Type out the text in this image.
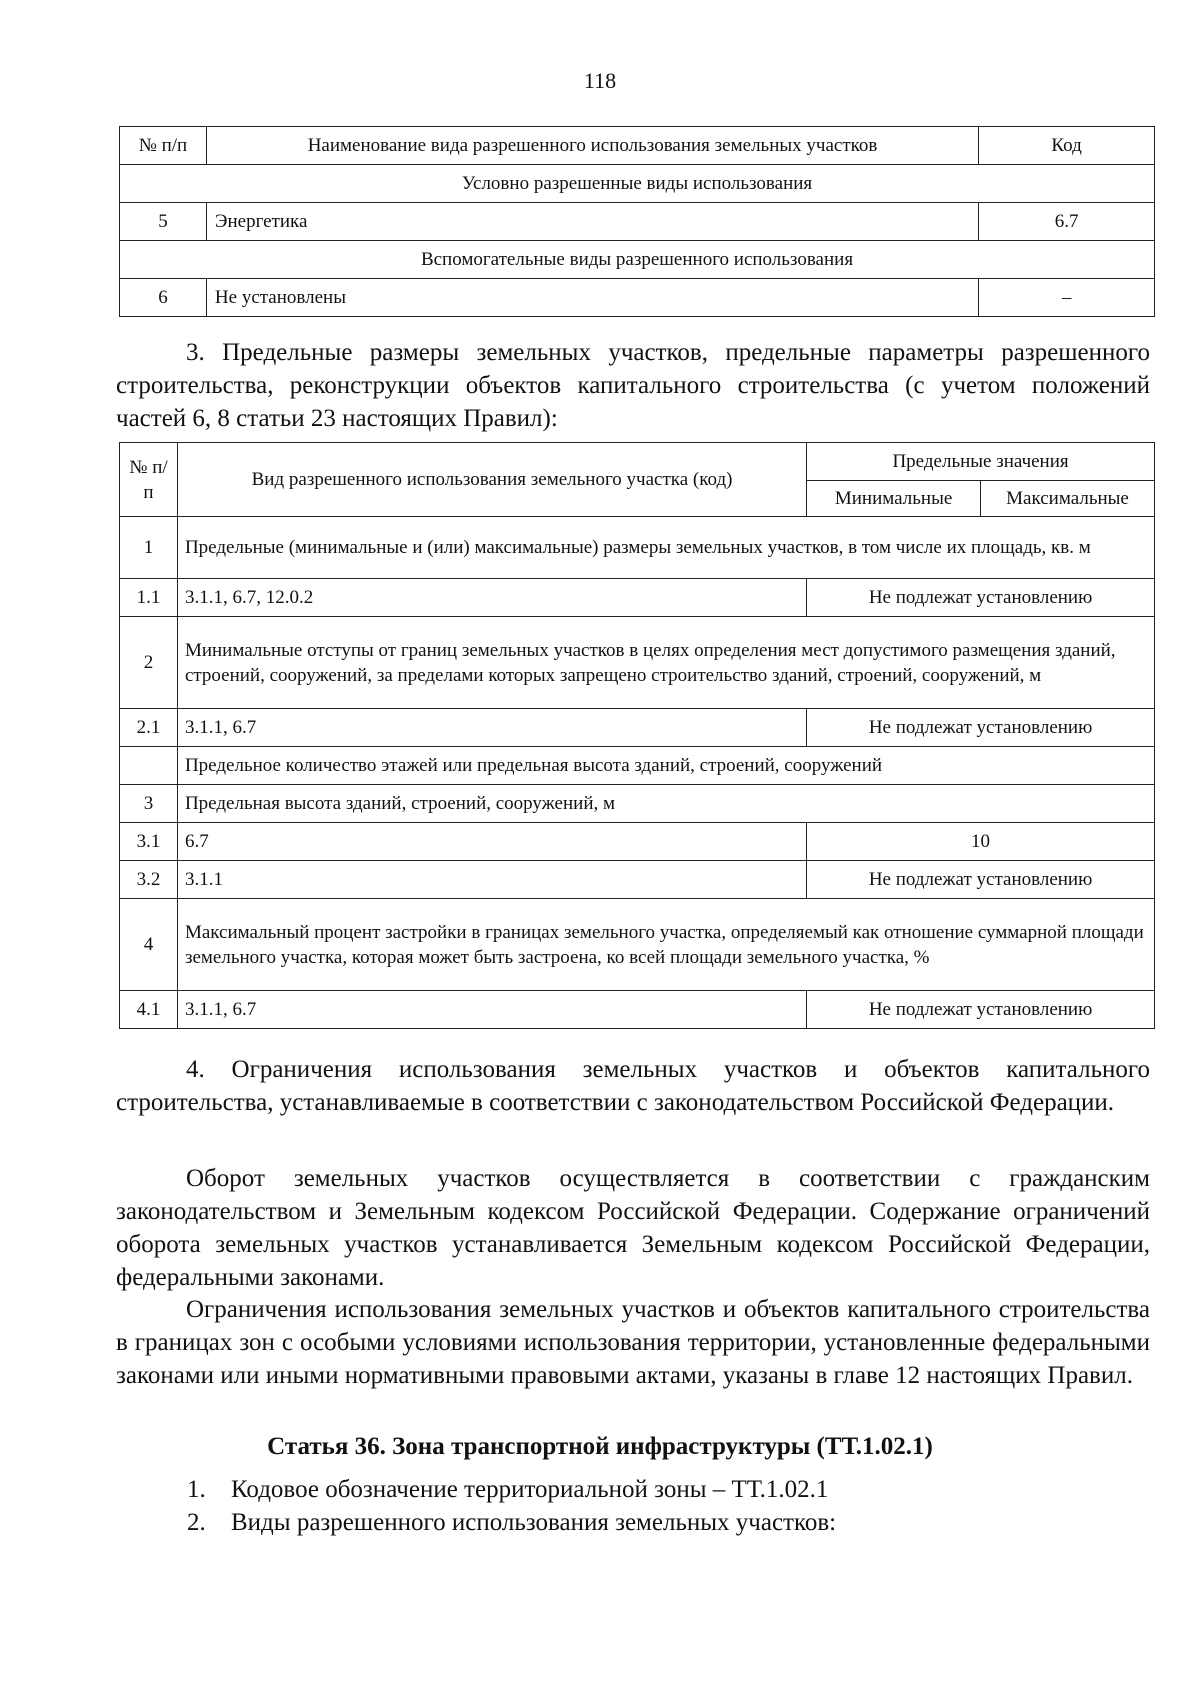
118
№ п/п	Наименование вида разрешенного использования земельных участков	Код
Условно разрешенные виды использования		
5	Энергетика	6.7
Вспомогательные виды разрешенного использования		
6	Не установлены	–

3. Предельные размеры земельных участков, предельные параметры разрешенного строительства, реконструкции объектов капитального строительства (с учетом положений частей 6, 8 статьи 23 настоящих Правил):

№ п/п	Вид разрешенного использования земельного участка (код)	Предельные значения	
		Минимальные	Максимальные
1	Предельные (минимальные и (или) максимальные) размеры земельных участков, в том числе их площадь, кв. м		
1.1	3.1.1, 6.7, 12.0.2	Не подлежат установлению	
2	Минимальные отступы от границ земельных участков в целях определения мест допустимого размещения зданий, строений, сооружений, за пределами которых запрещено строительство зданий, строений, сооружений, м		
2.1	3.1.1, 6.7	Не подлежат установлению	
	Предельное количество этажей или предельная высота зданий, строений, сооружений		
3	Предельная высота зданий, строений, сооружений, м		
3.1	6.7	10	
3.2	3.1.1	Не подлежат установлению	
4	Максимальный процент застройки в границах земельного участка, определяемый как отношение суммарной площади земельного участка, которая может быть застроена, ко всей площади земельного участка, %		
4.1	3.1.1, 6.7	Не подлежат установлению	

4. Ограничения использования земельных участков и объектов капитального строительства, устанавливаемые в соответствии с законодательством Российской Федерации.

Оборот земельных участков осуществляется в соответствии с гражданским законодательством и Земельным кодексом Российской Федерации. Содержание ограничений оборота земельных участков устанавливается Земельным кодексом Российской Федерации, федеральными законами.

Ограничения использования земельных участков и объектов капитального строительства в границах зон с особыми условиями использования территории, установленные федеральными законами или иными нормативными правовыми актами, указаны в главе 12 настоящих Правил.

Статья 36. Зона транспортной инфраструктуры (ТТ.1.02.1)
1. Кодовое обозначение территориальной зоны – ТТ.1.02.1
2. Виды разрешенного использования земельных участков:
